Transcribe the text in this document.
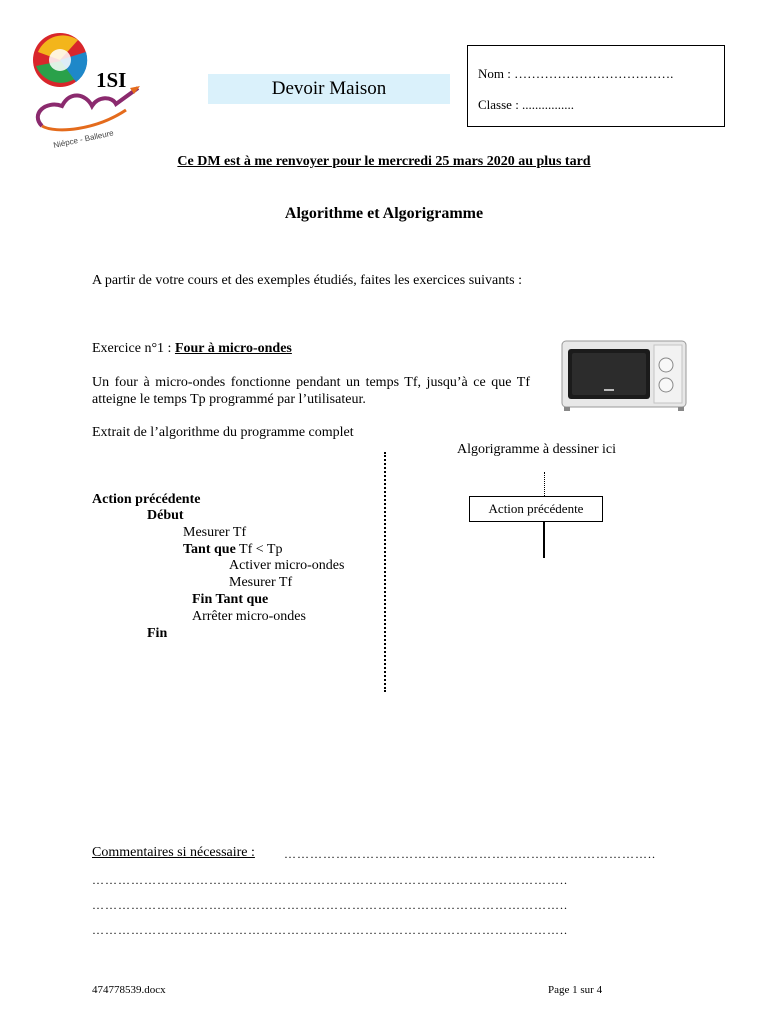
Niépce - Balleure
1SI	Devoir Maison
Nom : ……………………………….
Classe : ................
Ce DM est à me renvoyer pour le mercredi 25 mars 2020 au plus tard
Algorithme et Algorigramme
A partir de votre cours et des exemples étudiés, faites les exercices suivants :
Exercice n°1 : Four à micro-ondes
Un four à micro-ondes fonctionne pendant un temps Tf, jusqu’à ce que Tf atteigne le temps Tp programmé par l’utilisateur.
Extrait de l’algorithme du programme complet
Action précédente
Début
Mesurer Tf
Tant que Tf < Tp
Activer micro-ondes
Mesurer Tf
Fin Tant que
Arrêter micro-ondes
Fin
Algorigramme à dessiner ici
Action précédente
Commentaires si nécessaire : …………………………………………………………………………..
………………………………………………………………………………………………..
………………………………………………………………………………………………..
………………………………………………………………………………………………..
474778539.docx	Page 1 sur 4
